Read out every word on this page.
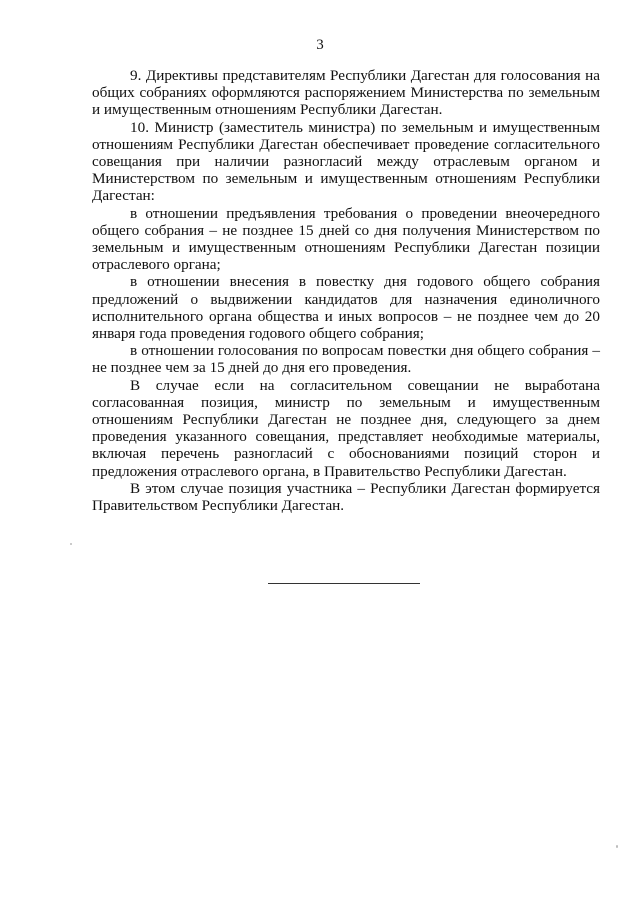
3

9. Директивы представителям Республики Дагестан для голосования на общих собраниях оформляются распоряжением Министерства по земельным и имущественным отношениям Республики Дагестан.

10. Министр (заместитель министра) по земельным и имущественным отношениям Республики Дагестан обеспечивает проведение согласительного совещания при наличии разногласий между отраслевым органом и Министерством по земельным и имущественным отношениям Республики Дагестан:

в отношении предъявления требования о проведении внеочередного общего собрания – не позднее 15 дней со дня получения Министерством по земельным и имущественным отношениям Республики Дагестан позиции отраслевого органа;

в отношении внесения в повестку дня годового общего собрания предложений о выдвижении кандидатов для назначения единоличного исполнительного органа общества и иных вопросов – не позднее чем до 20 января года проведения годового общего собрания;

в отношении голосования по вопросам повестки дня общего собрания – не позднее чем за 15 дней до дня его проведения.

В случае если на согласительном совещании не выработана согласованная позиция, министр по земельным и имущественным отношениям Республики Дагестан не позднее дня, следующего за днем проведения указанного совещания, представляет необходимые материалы, включая перечень разногласий с обоснованиями позиций сторон и предложения отраслевого органа, в Правительство Республики Дагестан.

В этом случае позиция участника – Республики Дагестан формируется Правительством Республики Дагестан.
